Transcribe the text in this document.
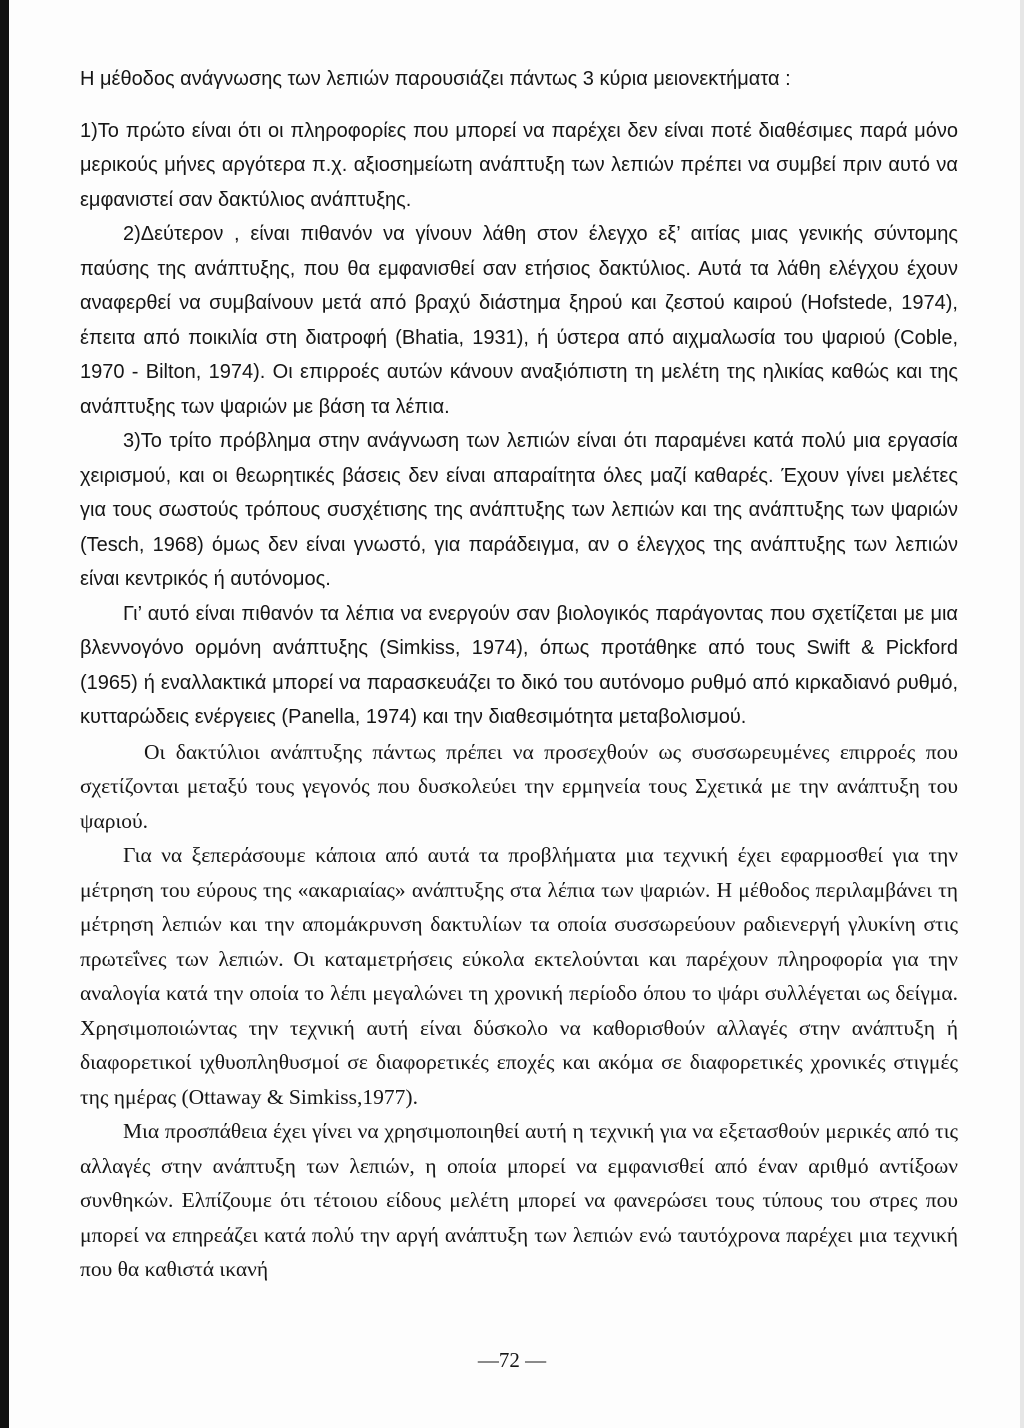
Η μέθοδος ανάγνωσης των λεπιών παρουσιάζει πάντως 3 κύρια μειονεκτήματα :

1)Το πρώτο είναι ότι οι πληροφορίες που μπορεί να παρέχει δεν είναι ποτέ διαθέσιμες παρά μόνο μερικούς μήνες αργότερα π.χ. αξιοσημείωτη ανάπτυξη των λεπιών πρέπει να συμβεί πριν αυτό να εμφανιστεί σαν δακτύλιος ανάπτυξης.

2)Δεύτερον , είναι πιθανόν να γίνουν λάθη στον έλεγχο εξ’ αιτίας μιας γενικής σύντομης παύσης της ανάπτυξης, που θα εμφανισθεί σαν ετήσιος δακτύλιος. Αυτά τα λάθη ελέγχου έχουν αναφερθεί να συμβαίνουν μετά από βραχύ διάστημα ξηρού και ζεστού καιρού (Hofstede, 1974), έπειτα από ποικιλία στη διατροφή (Bhatia, 1931), ή ύστερα από αιχμαλωσία του ψαριού (Coble, 1970 - Bilton, 1974). Οι επιρροές αυτών κάνουν αναξιόπιστη τη μελέτη της ηλικίας καθώς και της ανάπτυξης των ψαριών με βάση τα λέπια.

3)Το τρίτο πρόβλημα στην ανάγνωση των λεπιών είναι ότι παραμένει κατά πολύ μια εργασία χειρισμού, και οι θεωρητικές βάσεις δεν είναι απαραίτητα όλες μαζί καθαρές. Έχουν γίνει μελέτες για τους σωστούς τρόπους συσχέτισης της ανάπτυξης των λεπιών και της ανάπτυξης των ψαριών (Tesch, 1968) όμως δεν είναι γνωστό, για παράδειγμα, αν ο έλεγχος της ανάπτυξης των λεπιών είναι κεντρικός ή αυτόνομος.

Γι’ αυτό είναι πιθανόν τα λέπια να ενεργούν σαν βιολογικός παράγοντας που σχετίζεται με μια βλεννογόνο ορμόνη ανάπτυξης (Simkiss, 1974), όπως προτάθηκε από τους Swift & Pickford (1965) ή εναλλακτικά μπορεί να παρασκευάζει το δικό του αυτόνομο ρυθμό από κιρκαδιανό ρυθμό, κυτταρώδεις ενέργειες (Panella, 1974) και την διαθεσιμότητα μεταβολισμού.

Οι δακτύλιοι ανάπτυξης πάντως πρέπει να προσεχθούν ως συσσωρευμένες επιρροές που σχετίζονται μεταξύ τους γεγονός που δυσκολεύει την ερμηνεία τους Σχετικά με την ανάπτυξη του ψαριού.

Για να ξεπεράσουμε κάποια από αυτά τα προβλήματα μια τεχνική έχει εφαρμοσθεί για την μέτρηση του εύρους της «ακαριαίας» ανάπτυξης στα λέπια των ψαριών. Η μέθοδος περιλαμβάνει τη μέτρηση λεπιών και την απομάκρυνση δακτυλίων τα οποία συσσωρεύουν ραδιενεργή γλυκίνη στις πρωτεΐνες των λεπιών. Οι καταμετρήσεις εύκολα εκτελούνται και παρέχουν πληροφορία για την αναλογία κατά την οποία το λέπι μεγαλώνει τη χρονική περίοδο όπου το ψάρι συλλέγεται ως δείγμα. Χρησιμοποιώντας την τεχνική αυτή είναι δύσκολο να καθορισθούν αλλαγές στην ανάπτυξη ή διαφορετικοί ιχθυοπληθυσμοί σε διαφορετικές εποχές και ακόμα σε διαφορετικές χρονικές στιγμές της ημέρας (Ottaway & Simkiss,1977).

Μια προσπάθεια έχει γίνει να χρησιμοποιηθεί αυτή η τεχνική για να εξετασθούν μερικές από τις αλλαγές στην ανάπτυξη των λεπιών, η οποία μπορεί να εμφανισθεί από έναν αριθμό αντίξοων συνθηκών. Ελπίζουμε ότι τέτοιου είδους μελέτη μπορεί να φανερώσει τους τύπους του στρες που μπορεί να επηρεάζει κατά πολύ την αργή ανάπτυξη των λεπιών ενώ ταυτόχρονα παρέχει μια τεχνική που θα καθιστά ικανή

—72 —
